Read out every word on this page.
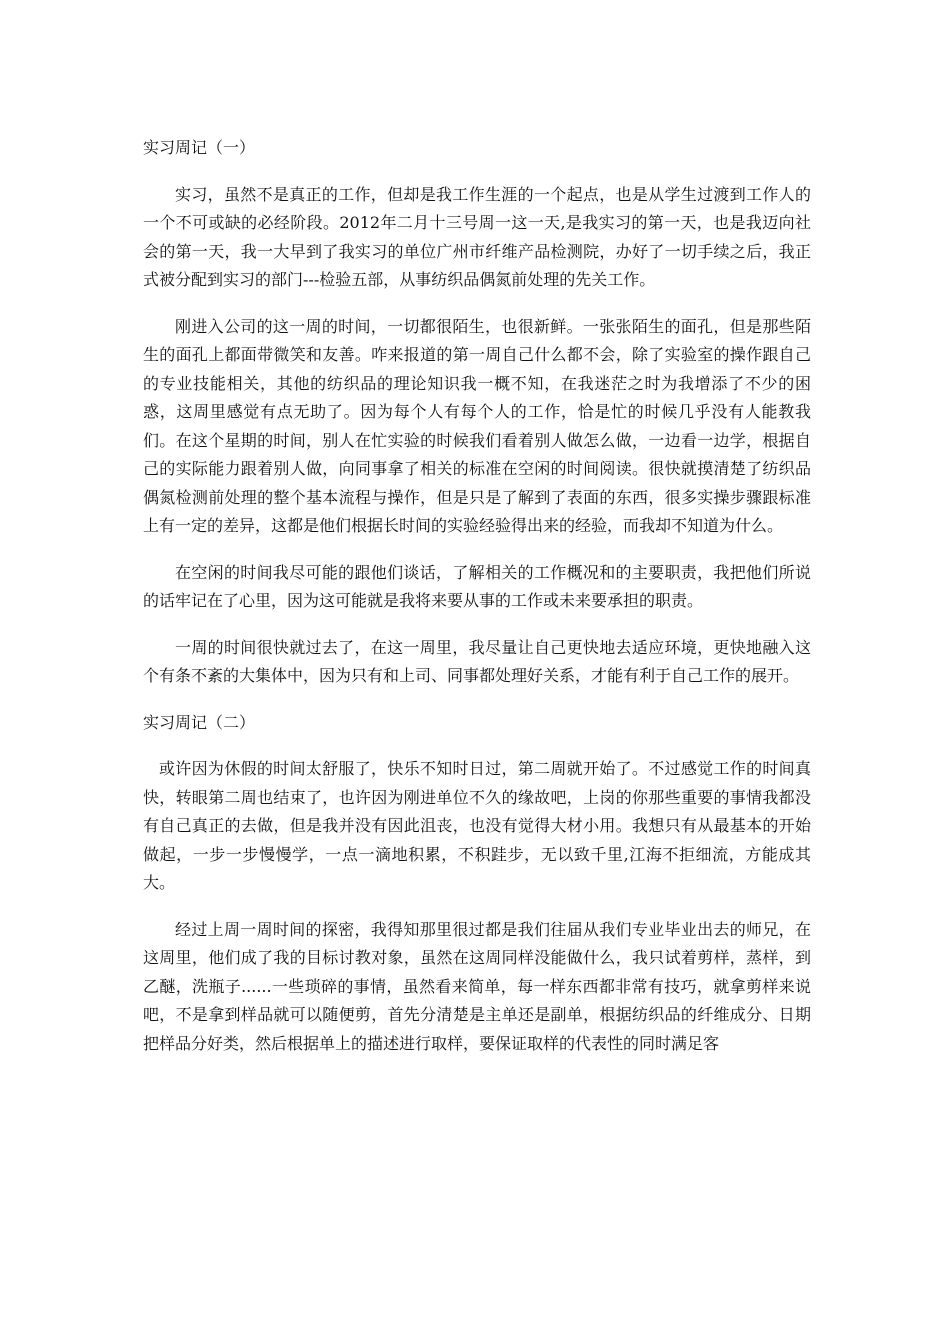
实习周记（一）

实习，虽然不是真正的工作，但却是我工作生涯的一个起点，也是从学生过渡到工作人的一个不可或缺的必经阶段。2012年二月十三号周一这一天,是我实习的第一天，也是我迈向社会的第一天，我一大早到了我实习的单位广州市纤维产品检测院，办好了一切手续之后，我正式被分配到实习的部门---检验五部，从事纺织品偶氮前处理的先关工作。

刚进入公司的这一周的时间，一切都很陌生，也很新鲜。一张张陌生的面孔，但是那些陌生的面孔上都面带微笑和友善。咋来报道的第一周自己什么都不会，除了实验室的操作跟自己的专业技能相关，其他的纺织品的理论知识我一概不知，在我迷茫之时为我增添了不少的困惑，这周里感觉有点无助了。因为每个人有每个人的工作，恰是忙的时候几乎没有人能教我们。在这个星期的时间，别人在忙实验的时候我们看着别人做怎么做，一边看一边学，根据自己的实际能力跟着别人做，向同事拿了相关的标准在空闲的时间阅读。很快就摸清楚了纺织品偶氮检测前处理的整个基本流程与操作，但是只是了解到了表面的东西，很多实操步骤跟标准上有一定的差异，这都是他们根据长时间的实验经验得出来的经验，而我却不知道为什么。

在空闲的时间我尽可能的跟他们谈话，了解相关的工作概况和的主要职责，我把他们所说的话牢记在了心里，因为这可能就是我将来要从事的工作或未来要承担的职责。

一周的时间很快就过去了，在这一周里，我尽量让自己更快地去适应环境，更快地融入这个有条不紊的大集体中，因为只有和上司、同事都处理好关系，才能有利于自己工作的展开。

实习周记（二）

或许因为休假的时间太舒服了，快乐不知时日过，第二周就开始了。不过感觉工作的时间真快，转眼第二周也结束了，也许因为刚进单位不久的缘故吧，上岗的你那些重要的事情我都没有自己真正的去做，但是我并没有因此沮丧，也没有觉得大材小用。我想只有从最基本的开始做起，一步一步慢慢学，一点一滴地积累，不积跬步，无以致千里,江海不拒细流，方能成其大。

经过上周一周时间的探密，我得知那里很过都是我们往届从我们专业毕业出去的师兄，在这周里，他们成了我的目标讨教对象，虽然在这周同样没能做什么，我只试着剪样，蒸样，到乙醚，洗瓶子......一些琐碎的事情，虽然看来简单，每一样东西都非常有技巧，就拿剪样来说吧，不是拿到样品就可以随便剪，首先分清楚是主单还是副单，根据纺织品的纤维成分、日期把样品分好类，然后根据单上的描述进行取样，要保证取样的代表性的同时满足客
